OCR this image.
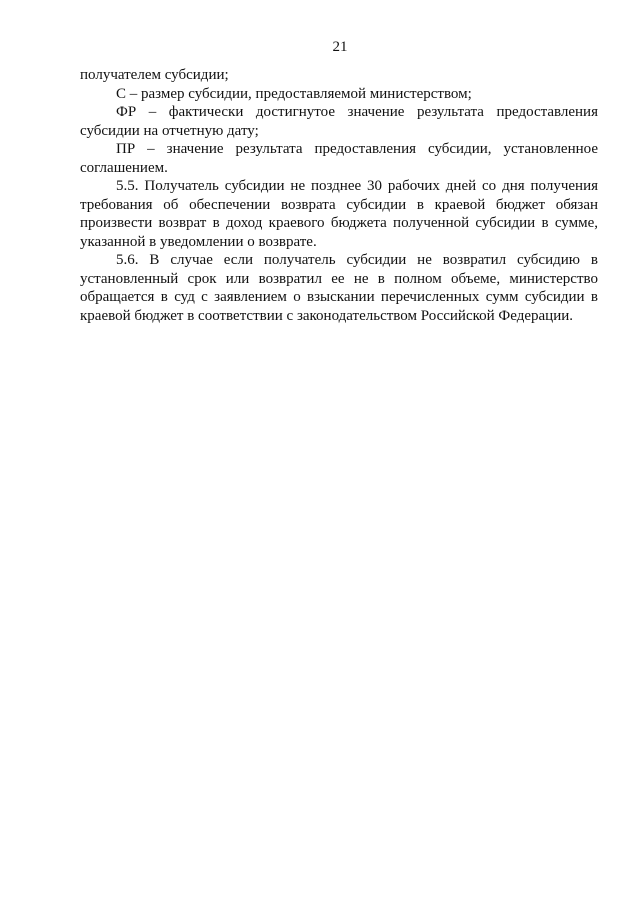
21

получателем субсидии;

С – размер субсидии, предоставляемой министерством;

ФР – фактически достигнутое значение результата предоставления субсидии на отчетную дату;

ПР – значение результата предоставления субсидии, установленное соглашением.

5.5. Получатель субсидии не позднее 30 рабочих дней со дня получения требования об обеспечении возврата субсидии в краевой бюджет обязан произвести возврат в доход краевого бюджета полученной субсидии в сумме, указанной в уведомлении о возврате.

5.6. В случае если получатель субсидии не возвратил субсидию в установленный срок или возвратил ее не в полном объеме, министерство обращается в суд с заявлением о взыскании перечисленных сумм субсидии в краевой бюджет в соответствии с законодательством Российской Федерации.
